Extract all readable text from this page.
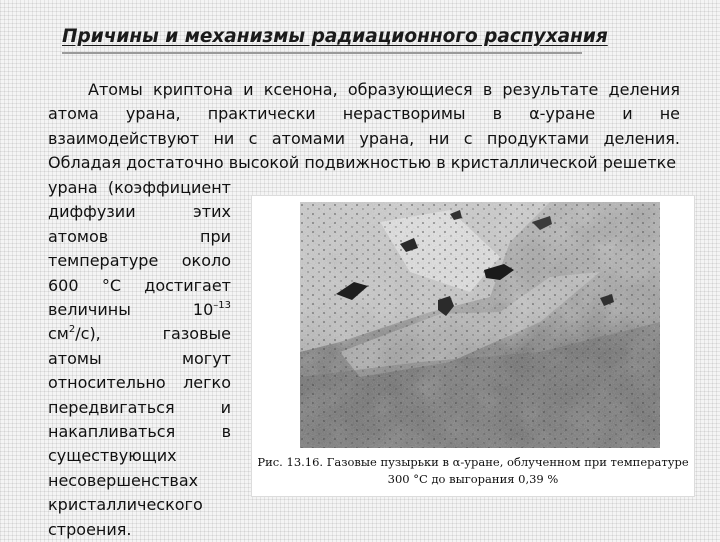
Причины и механизмы радиационного распухания

Атомы криптона и ксенона, образующиеся в результате деления атома урана, практически нерастворимы в α-уране и не взаимодействуют ни с атомами урана, ни с продуктами деления. Обладая достаточно высокой подвижностью в кристаллической решетке

урана (коэффициент
диффузии этих
атомов при
температуре около
600 °С достигает
величины $10^{-13}$
$см^2/с$), газовые
атомы могут
относительно легко
передвигаться и
накапливаться в
существующих
несовершенствах
кристаллического
строения.
Рис. 13.16. Газовые пузырьки в α-уране, облученном при температуре
300 °С до выгорания 0,39 %
